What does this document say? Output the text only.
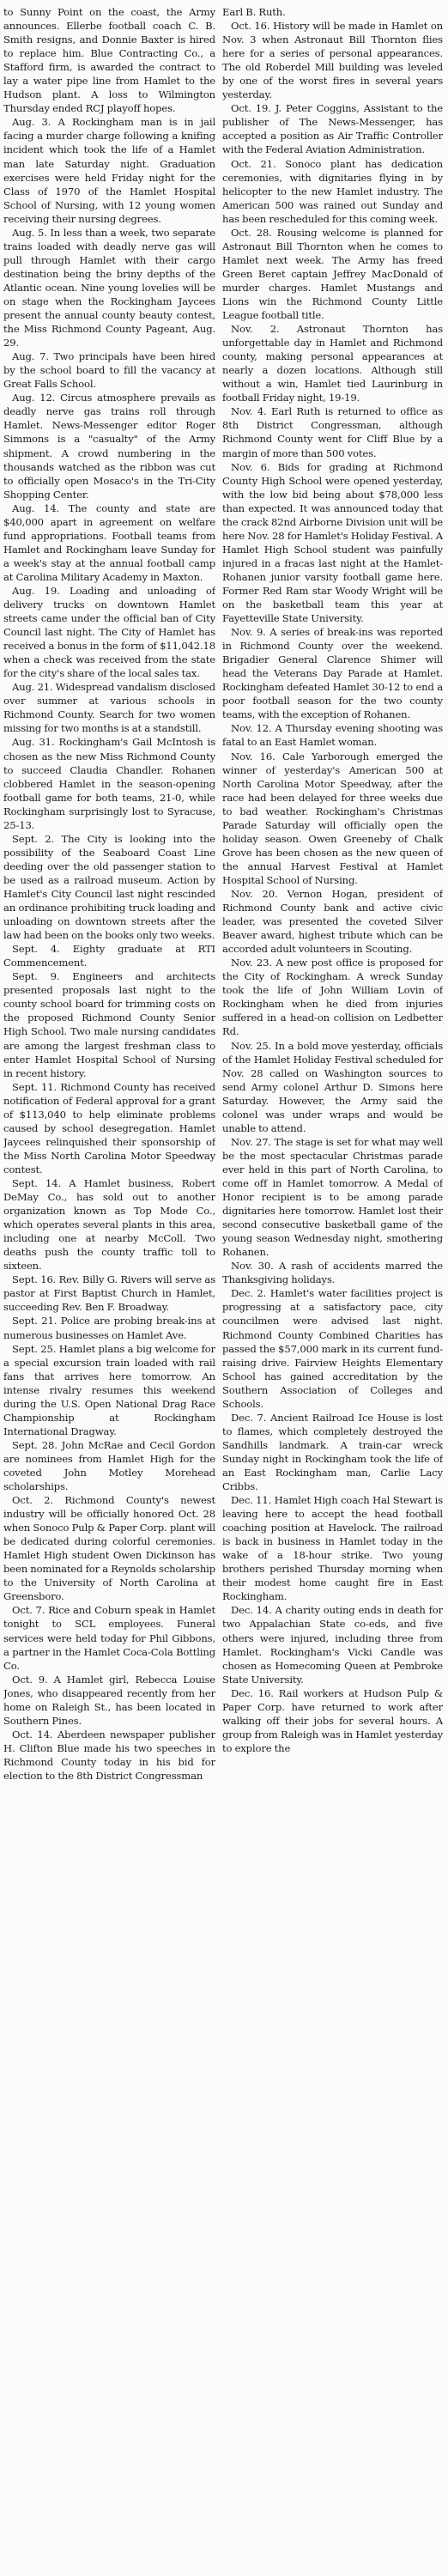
to Sunny Point on the coast, the Army announces. Ellerbe football coach C. B. Smith resigns, and Donnie Baxter is hired to replace him. Blue Contracting Co., a Stafford firm, is awarded the contract to lay a water pipe line from Hamlet to the Hudson plant. A loss to Wilmington Thursday ended RCJ playoff hopes.

Aug. 3. A Rockingham man is in jail facing a murder charge following a knifing incident which took the life of a Hamlet man late Saturday night. Graduation exercises were held Friday night for the Class of 1970 of the Hamlet Hospital School of Nursing, with 12 young women receiving their nursing degrees.

Aug. 5. In less than a week, two separate trains loaded with deadly nerve gas will pull through Hamlet with their cargo destination being the briny depths of the Atlantic ocean. Nine young lovelies will be on stage when the Rockingham Jaycees present the annual county beauty contest, the Miss Richmond County Pageant, Aug. 29.

Aug. 7. Two principals have been hired by the school board to fill the vacancy at Great Falls School.

Aug. 12. Circus atmosphere prevails as deadly nerve gas trains roll through Hamlet. News-Messenger editor Roger Simmons is a "casualty" of the Army shipment. A crowd numbering in the thousands watched as the ribbon was cut to officially open Mosaco's in the Tri-City Shopping Center.

Aug. 14. The county and state are $40,000 apart in agreement on welfare fund appropriations. Football teams from Hamlet and Rockingham leave Sunday for a week's stay at the annual football camp at Carolina Military Academy in Maxton.

Aug. 19. Loading and unloading of delivery trucks on downtown Hamlet streets came under the official ban of City Council last night. The City of Hamlet has received a bonus in the form of $11,042.18 when a check was received from the state for the city's share of the local sales tax.

Aug. 21. Widespread vandalism disclosed over summer at various schools in Richmond County. Search for two women missing for two months is at a standstill.

Aug. 31. Rockingham's Gail McIntosh is chosen as the new Miss Richmond County to succeed Claudia Chandler. Rohanen clobbered Hamlet in the season-opening football game for both teams, 21-0, while Rockingham surprisingly lost to Syracuse, 25-13.

Sept. 2. The City is looking into the possibility of the Seaboard Coast Line deeding over the old passenger station to be used as a railroad museum. Action by Hamlet's City Council last night rescinded an ordinance prohibiting truck loading and unloading on downtown streets after the law had been on the books only two weeks.

Sept. 4. Eighty graduate at RTI Commencement.

Sept. 9. Engineers and architects presented proposals last night to the county school board for trimming costs on the proposed Richmond County Senior High School. Two male nursing candidates are among the largest freshman class to enter Hamlet Hospital School of Nursing in recent history.

Sept. 11. Richmond County has received notification of Federal approval for a grant of $113,040 to help eliminate problems caused by school desegregation. Hamlet Jaycees relinquished their sponsorship of the Miss North Carolina Motor Speedway contest.

Sept. 14. A Hamlet business, Robert DeMay Co., has sold out to another organization known as Top Mode Co., which operates several plants in this area, including one at nearby McColl. Two deaths push the county traffic toll to sixteen.

Sept. 16. Rev. Billy G. Rivers will serve as pastor at First Baptist Church in Hamlet, succeeding Rev. Ben F. Broadway.

Sept. 21. Police are probing break-ins at numerous businesses on Hamlet Ave.

Sept. 25. Hamlet plans a big welcome for a special excursion train loaded with rail fans that arrives here tomorrow. An intense rivalry resumes this weekend during the U.S. Open National Drag Race Championship at Rockingham International Dragway.

Sept. 28. John McRae and Cecil Gordon are nominees from Hamlet High for the coveted John Motley Morehead scholarships.

Oct. 2. Richmond County's newest industry will be officially honored Oct. 28 when Sonoco Pulp & Paper Corp. plant will be dedicated during colorful ceremonies. Hamlet High student Owen Dickinson has been nominated for a Reynolds scholarship to the University of North Carolina at Greensboro.

Oct. 7. Rice and Coburn speak in Hamlet tonight to SCL employees. Funeral services were held today for Phil Gibbons, a partner in the Hamlet Coca-Cola Bottling Co.

Oct. 9. A Hamlet girl, Rebecca Louise Jones, who disappeared recently from her home on Raleigh St., has been located in Southern Pines.

Oct. 14. Aberdeen newspaper publisher H. Clifton Blue made his two speeches in Richmond County today in his bid for election to the 8th District Congressman

Earl B. Ruth.

Oct. 16. History will be made in Hamlet on Nov. 3 when Astronaut Bill Thornton flies here for a series of personal appearances. The old Roberdel Mill building was leveled by one of the worst fires in several years yesterday.

Oct. 19. J. Peter Coggins, Assistant to the publisher of The News-Messenger, has accepted a position as Air Traffic Controller with the Federal Aviation Administration.

Oct. 21. Sonoco plant has dedication ceremonies, with dignitaries flying in by helicopter to the new Hamlet industry. The American 500 was rained out Sunday and has been rescheduled for this coming week.

Oct. 28. Rousing welcome is planned for Astronaut Bill Thornton when he comes to Hamlet next week. The Army has freed Green Beret captain Jeffrey MacDonald of murder charges. Hamlet Mustangs and Lions win the Richmond County Little League football title.

Nov. 2. Astronaut Thornton has unforgettable day in Hamlet and Richmond county, making personal appearances at nearly a dozen locations. Although still without a win, Hamlet tied Laurinburg in football Friday night, 19-19.

Nov. 4. Earl Ruth is returned to office as 8th District Congressman, although Richmond County went for Cliff Blue by a margin of more than 500 votes.

Nov. 6. Bids for grading at Richmond County High School were opened yesterday, with the low bid being about $78,000 less than expected. It was announced today that the crack 82nd Airborne Division unit will be here Nov. 28 for Hamlet's Holiday Festival. A Hamlet High School student was painfully injured in a fracas last night at the Hamlet-Rohanen junior varsity football game here. Former Red Ram star Woody Wright will be on the basketball team this year at Fayetteville State University.

Nov. 9. A series of break-ins was reported in Richmond County over the weekend. Brigadier General Clarence Shimer will head the Veterans Day Parade at Hamlet. Rockingham defeated Hamlet 30-12 to end a poor football season for the two county teams, with the exception of Rohanen.

Nov. 12. A Thursday evening shooting was fatal to an East Hamlet woman.

Nov. 16. Cale Yarborough emerged the winner of yesterday's American 500 at North Carolina Motor Speedway, after the race had been delayed for three weeks due to bad weather. Rockingham's Christmas Parade Saturday will officially open the holiday season. Owen Greeneby of Chalk Grove has been chosen as the new queen of the annual Harvest Festival at Hamlet Hospital School of Nursing.

Nov. 20. Vernon Hogan, president of Richmond County bank and active civic leader, was presented the coveted Silver Beaver award, highest tribute which can be accorded adult volunteers in Scouting.

Nov. 23. A new post office is proposed for the City of Rockingham. A wreck Sunday took the life of John William Lovin of Rockingham when he died from injuries suffered in a head-on collision on Ledbetter Rd.

Nov. 25. In a bold move yesterday, officials of the Hamlet Holiday Festival scheduled for Nov. 28 called on Washington sources to send Army colonel Arthur D. Simons here Saturday. However, the Army said the colonel was under wraps and would be unable to attend.

Nov. 27. The stage is set for what may well be the most spectacular Christmas parade ever held in this part of North Carolina, to come off in Hamlet tomorrow. A Medal of Honor recipient is to be among parade dignitaries here tomorrow. Hamlet lost their second consecutive basketball game of the young season Wednesday night, smothering Rohanen.

Nov. 30. A rash of accidents marred the Thanksgiving holidays.

Dec. 2. Hamlet's water facilities project is progressing at a satisfactory pace, city councilmen were advised last night. Richmond County Combined Charities has passed the $57,000 mark in its current fund-raising drive. Fairview Heights Elementary School has gained accreditation by the Southern Association of Colleges and Schools.

Dec. 7. Ancient Railroad Ice House is lost to flames, which completely destroyed the Sandhills landmark. A train-car wreck Sunday night in Rockingham took the life of an East Rockingham man, Carlie Lacy Cribbs.

Dec. 11. Hamlet High coach Hal Stewart is leaving here to accept the head football coaching position at Havelock. The railroad is back in business in Hamlet today in the wake of a 18-hour strike. Two young brothers perished Thursday morning when their modest home caught fire in East Rockingham.

Dec. 14. A charity outing ends in death for two Appalachian State co-eds, and five others were injured, including three from Hamlet. Rockingham's Vicki Candle was chosen as Homecoming Queen at Pembroke State University.

Dec. 16. Rail workers at Hudson Pulp & Paper Corp. have returned to work after walking off their jobs for several hours. A group from Raleigh was in Hamlet yesterday to explore the
